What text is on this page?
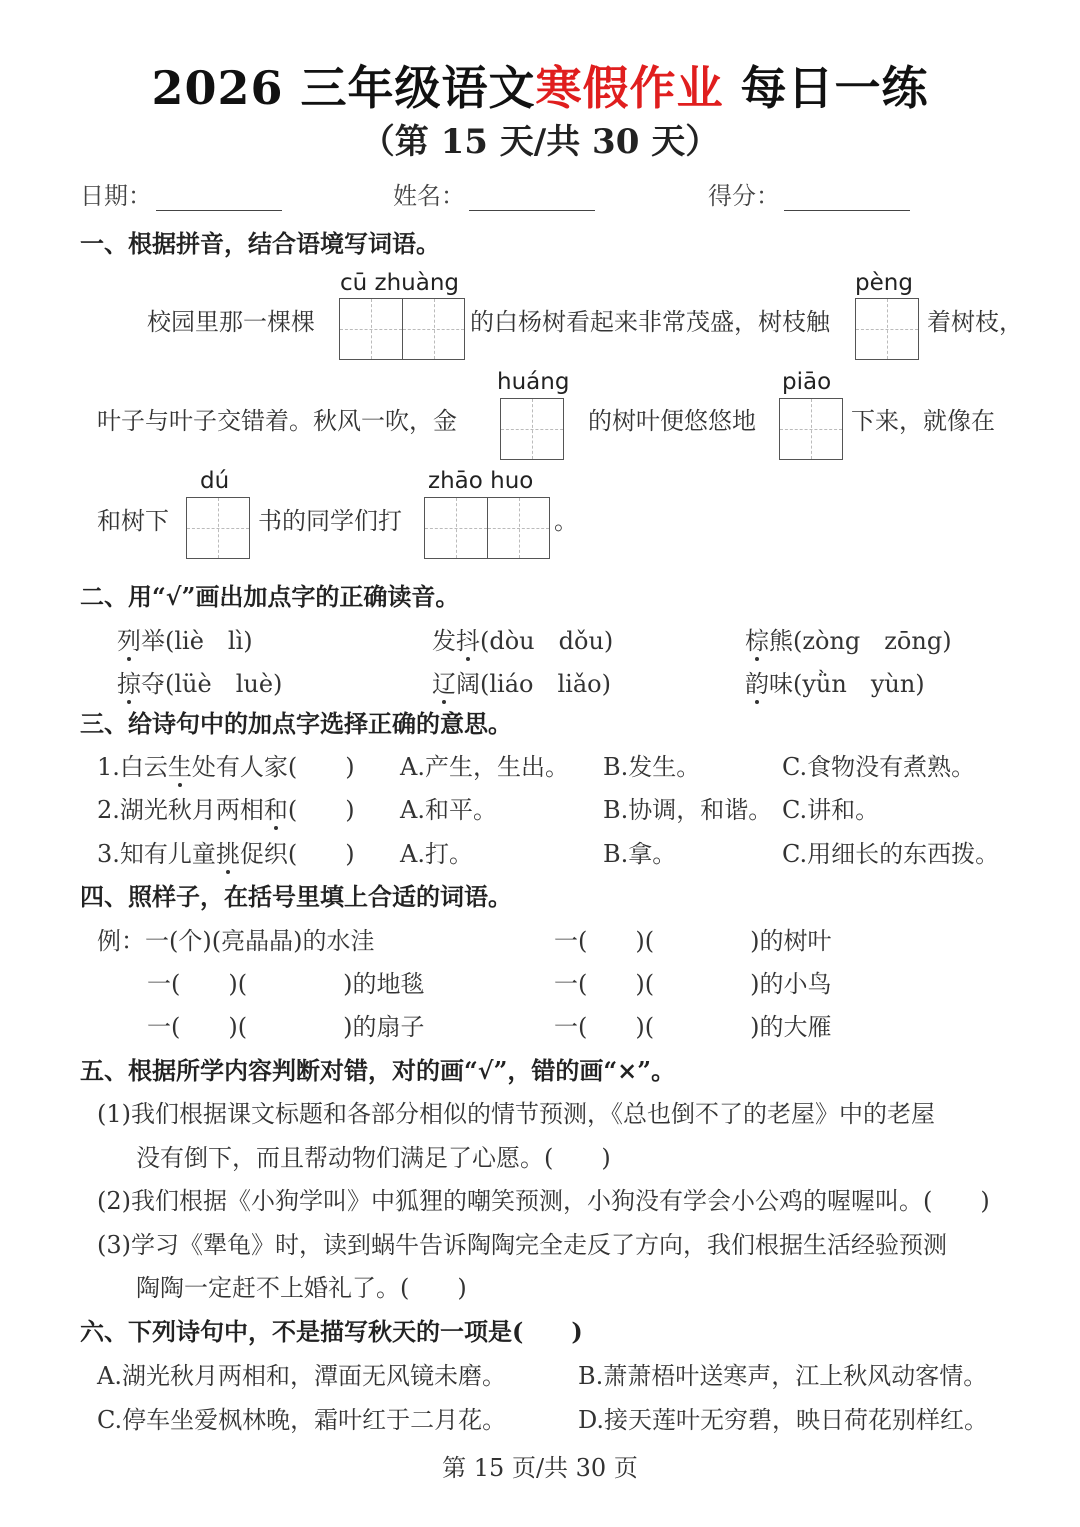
2026 三年级语文寒假作业 每日一练
（第 15 天/共 30 天）
日期：	姓名：	得分：
一、根据拼音，结合语境写词语。
cū zhuàng	pèng
校园里那一棵棵	的白杨树看起来非常茂盛，树枝触	着树枝，
huáng	piāo
叶子与叶子交错着。秋风一吹，金	的树叶便悠悠地	下来，就像在
dú	zhāo huo
和树下	书的同学们打	。
二、用“√”画出加点字的正确读音。
列举(liè　lì)	发抖(dòu　dǒu)	棕熊(zòng　zōng)
掠夺(lüè　luè)	辽阔(liáo　liǎo)	韵味(yǜn　yùn)
三、给诗句中的加点字选择正确的意思。
1.白云生处有人家(　　) A.产生，生出。 B.发生。	C.食物没有煮熟。
2.湖光秋月两相和(　　) A.和平。	B.协调，和谐。 C.讲和。
3.知有儿童挑促织(　　) A.打。	B.拿。	C.用细长的东西拨。
四、照样子，在括号里填上合适的词语。
例：一(个)(亮晶晶)的水洼	一(　　)(　　　　)的树叶
一(　　)(　　　　)的地毯	一(　　)(　　　　)的小鸟
一(　　)(　　　　)的扇子	一(　　)(　　　　)的大雁
五、根据所学内容判断对错，对的画“√”，错的画“×”。
(1)我们根据课文标题和各部分相似的情节预测，《总也倒不了的老屋》中的老屋
没有倒下，而且帮动物们满足了心愿。(　　)
(2)我们根据《小狗学叫》中狐狸的嘲笑预测，小狗没有学会小公鸡的喔喔叫。(　　)
(3)学习《犟龟》时，读到蜗牛告诉陶陶完全走反了方向，我们根据生活经验预测
陶陶一定赶不上婚礼了。(　　)
六、下列诗句中，不是描写秋天的一项是(　　)
A.湖光秋月两相和，潭面无风镜未磨。	B.萧萧梧叶送寒声，江上秋风动客情。
C.停车坐爱枫林晚，霜叶红于二月花。	D.接天莲叶无穷碧，映日荷花别样红。
第 15 页/共 30 页
